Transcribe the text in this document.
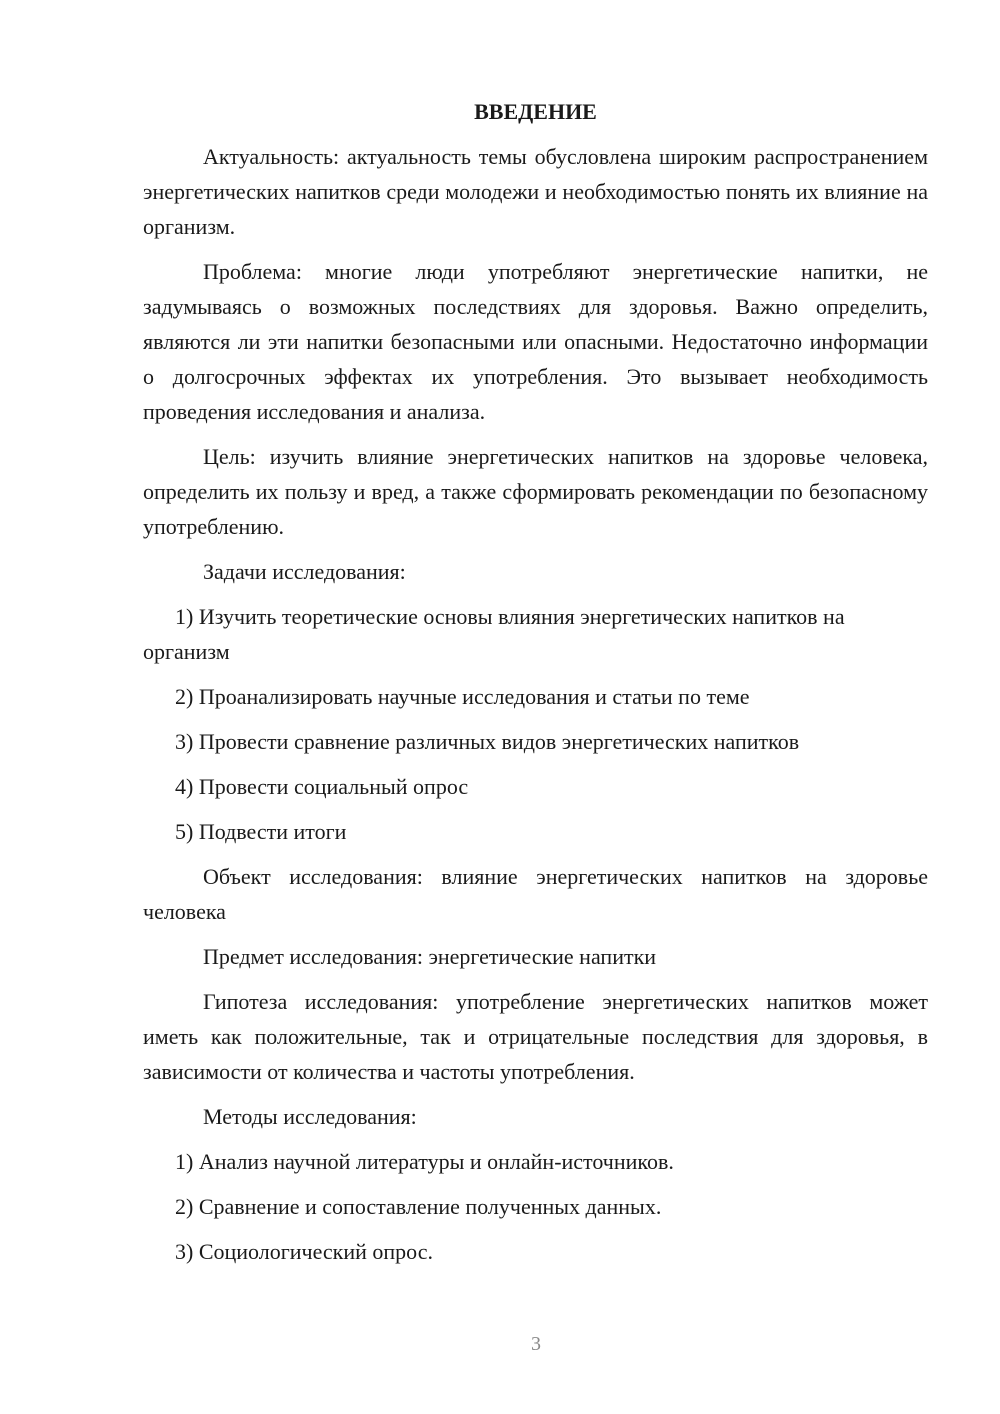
ВВЕДЕНИЕ

Актуальность: актуальность темы обусловлена широким распространением энергетических напитков среди молодежи и необходимостью понять их влияние на организм.

Проблема: многие люди употребляют энергетические напитки, не задумываясь о возможных последствиях для здоровья. Важно определить, являются ли эти напитки безопасными или опасными. Недостаточно информации о долгосрочных эффектах их употребления. Это вызывает необходимость проведения исследования и анализа.

Цель: изучить влияние энергетических напитков на здоровье человека, определить их пользу и вред, а также сформировать рекомендации по безопасному употреблению.

Задачи исследования:

1) Изучить теоретические основы влияния энергетических напитков на организм

2) Проанализировать научные исследования и статьи по теме

3) Провести сравнение различных видов энергетических напитков

4) Провести социальный опрос

5) Подвести итоги

Объект исследования: влияние энергетических напитков на здоровье человека

Предмет исследования: энергетические напитки

Гипотеза исследования: употребление энергетических напитков может иметь как положительные, так и отрицательные последствия для здоровья, в зависимости от количества и частоты употребления.

Методы исследования:

1) Анализ научной литературы и онлайн-источников.

2) Сравнение и сопоставление полученных данных.

3) Социологический опрос.

3
